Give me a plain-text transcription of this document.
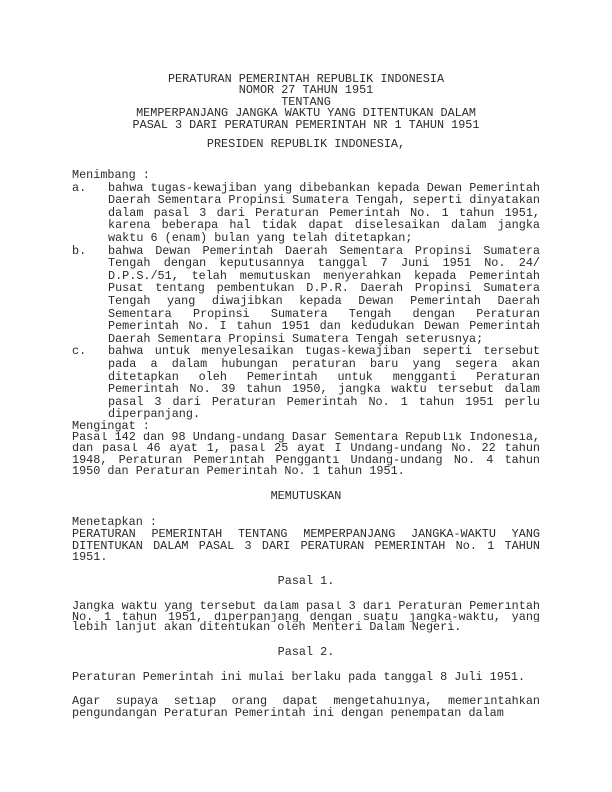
PERATURAN PEMERINTAH REPUBLIK INDONESIA
NOMOR 27 TAHUN 1951
TENTANG
MEMPERPANJANG JANGKA WAKTU YANG DITENTUKAN DALAM
PASAL 3 DARI PERATURAN PEMERINTAH NR 1 TAHUN 1951
PRESIDEN REPUBLIK INDONESIA,
Menimbang :
a. bahwa tugas-kewajiban yang dibebankan kepada Dewan Pemerintah
Daerah Sementara Propinsi Sumatera Tengah, seperti dinyatakan
dalam pasal 3 dari Peraturan Pemerintah No. 1 tahun 1951,
karena beberapa hal tidak dapat diselesaikan dalam jangka
waktu 6 (enam) bulan yang telah ditetapkan;
b. bahwa Dewan Pemerintah Daerah Sementara Propinsi Sumatera
Tengah dengan keputusannya tanggal 7 Juni 1951 No. 24/
D.P.S./51, telah memutuskan menyerahkan kepada Pemerintah
Pusat tentang pembentukan D.P.R. Daerah Propinsi Sumatera
Tengah yang diwajibkan kepada Dewan Pemerintah Daerah
Sementara Propinsi Sumatera Tengah dengan Peraturan
Pemerintah No. I tahun 1951 dan kedudukan Dewan Pemerintah
Daerah Sementara Propinsi Sumatera Tengah seterusnya;
c. bahwa untuk menyelesaikan tugas-kewajiban seperti tersebut
pada a dalam hubungan peraturan baru yang segera akan
ditetapkan oleh Pemerintah untuk mengganti Peraturan
Pemerintah No. 39 tahun 1950, jangka waktu tersebut dalam
pasal 3 dari Peraturan Pemerintah No. 1 tahun 1951 perlu
diperpanjang.
Mengingat :
Pasal 142 dan 98 Undang-undang Dasar Sementara Republik Indonesia,
dan pasal 46 ayat 1, pasal 25 ayat I Undang-undang No. 22 tahun
1948, Peraturan Pemerintah Pengganti Undang-undang No. 4 tahun
1950 dan Peraturan Pemerintah No. 1 tahun 1951.
MEMUTUSKAN
Menetapkan :
PERATURAN PEMERINTAH TENTANG MEMPERPANJANG JANGKA-WAKTU YANG
DITENTUKAN DALAM PASAL 3 DARI PERATURAN PEMERINTAH No. 1 TAHUN
1951.
Pasal 1.
Jangka waktu yang tersebut dalam pasal 3 dari Peraturan Pemerintah
No. 1 tahun 1951, diperpanjang dengan suatu jangka-waktu, yang
lebih lanjut akan ditentukan oleh Menteri Dalam Negeri.
Pasal 2.
Peraturan Pemerintah ini mulai berlaku pada tanggal 8 Juli 1951.
Agar supaya setiap orang dapat mengetahuinya, memerintahkan
pengundangan Peraturan Pemerintah ini dengan penempatan dalam
